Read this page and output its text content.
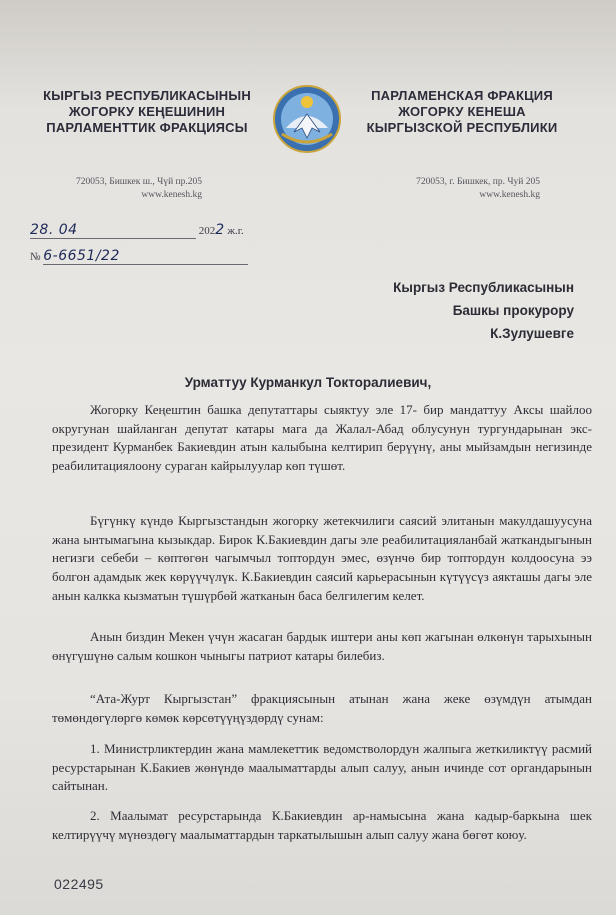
КЫРГЫЗ РЕСПУБЛИКАСЫНЫН
ЖОГОРКУ КЕҢЕШИНИН
ПАРЛАМЕНТТИК ФРАКЦИЯСЫ
ПАРЛАМЕНСКАЯ ФРАКЦИЯ
ЖОГОРКУ КЕНЕША
КЫРГЫЗСКОЙ РЕСПУБЛИКИ
720053, Бишкек ш., Чүй пр.205
www.kenesh.kg
720053, г. Бишкек, пр. Чуй 205
www.kenesh.kg
28. 04	2022 ж.г.
№ 6-6651/22
Кыргыз Республикасынын
Башкы прокурору
К.Зулушевге
Урматтуу Курманкул Токторалиевич,

Жогорку Кеңештин башка депутаттары сыяктуу эле 17- бир мандаттуу Аксы шайлоо округунан шайланган депутат катары мага да Жалал-Абад облусунун тургундарынан экс-президент Курманбек Бакиевдин атын калыбына келтирип берүүнү, аны мыйзамдын негизинде реабилитациялоону сураган кайрылуулар көп түшөт.

Бүгүнкү күндө Кыргызстандын жогорку жетекчилиги саясий элитанын макулдашуусуна жана ынтымагына кызыкдар. Бирок К.Бакиевдин дагы эле реабилитацияланбай жатканды​гынын негизги себеби – көптөгөн чагымчыл топтордун эмес, өзүнчө бир топтордун колдоосуна ээ болгон адамдык жек көрүүчүлүк. К.Бакиевдин саясий карьерасынын күтүүсүз аякташы дагы эле анын калкка кызматын түшүрбөй жатканын баса белгилегим келет.

Анын биздин Мекен үчүн жасаган бардык иштери аны көп жагынан өлкөнүн тарыхынын өнүгүшүнө салым кошкон чыныгы патриот катары билебиз.

“Ата-Журт Кыргызстан” фракциясынын атынан жана жеке өзүмдүн атымдан төмөндөгүлөргө көмөк көрсөтүүңүздөрдү сунам:

1. Министрликтердин жана мамлекеттик ведомстволордун жалпыга жеткиликтүү расмий ресурстарынан К.Бакиев жөнүндө маалыматтарды алып салуу, анын ичинде сот органдарынын сайтынан.

2. Маалымат ресурстарында К.Бакиевдин ар-намысына жана кадыр-баркына шек келтирүүчү мүнөздөгү маалыматтардын таркатылышын алып салуу жана бөгөт коюу.

022495
